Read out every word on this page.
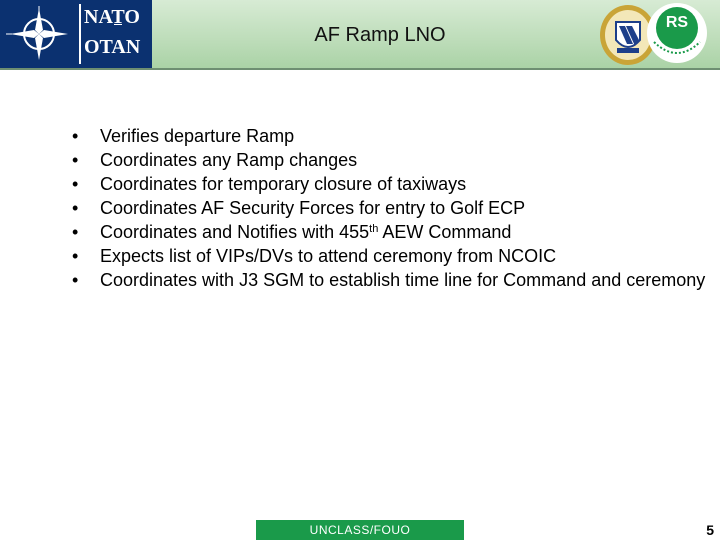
NATO
OTAN
AF Ramp LNO
RS
• Verifies departure Ramp
• Coordinates any Ramp changes
• Coordinates for temporary closure of taxiways
• Coordinates AF Security Forces for entry to Golf ECP
• Coordinates and Notifies with 455th AEW Command
• Expects list of VIPs/DVs to attend ceremony from NCOIC
• Coordinates with J3 SGM to establish time line for Command and ceremony
UNCLASS/FOUO	5
